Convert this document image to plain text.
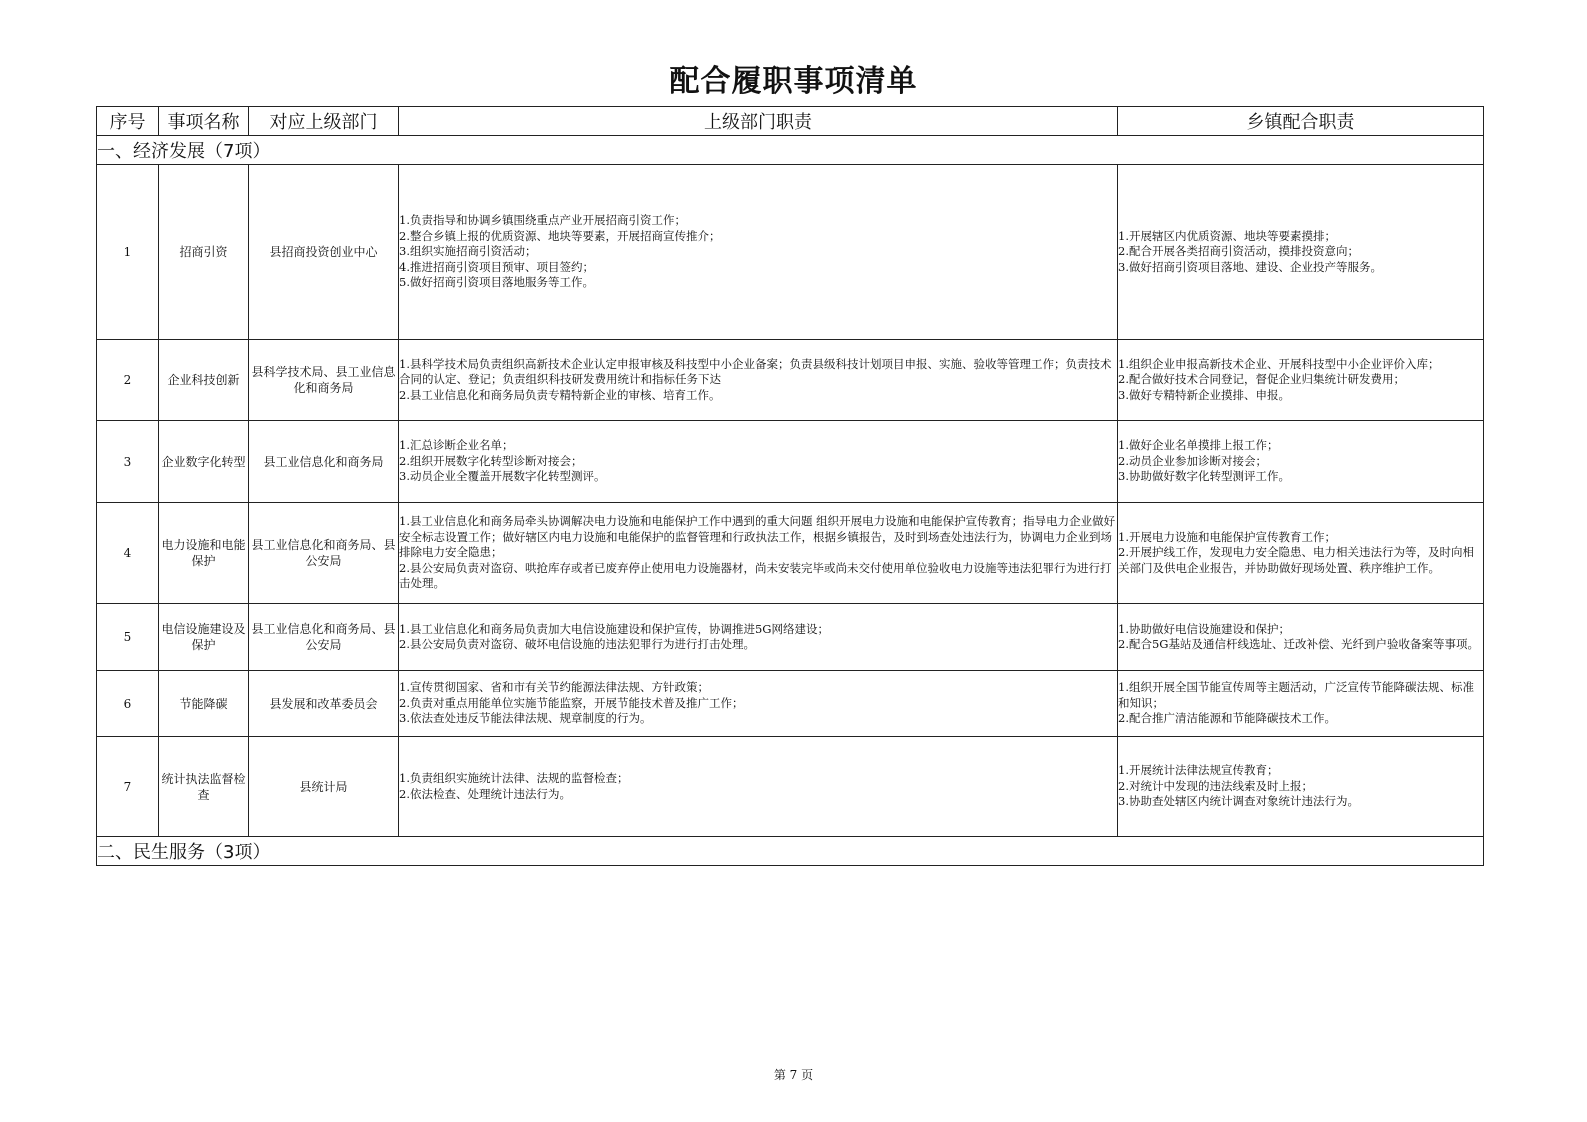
配合履职事项清单
序号	事项名称	对应上级部门	上级部门职责	乡镇配合职责
一、经济发展（7项）				
1	招商引资	县招商投资创业中心	1.负责指导和协调乡镇围绕重点产业开展招商引资工作；
2.整合乡镇上报的优质资源、地块等要素，开展招商宣传推介；
3.组织实施招商引资活动；
4.推进招商引资项目预审、项目签约；
5.做好招商引资项目落地服务等工作。	1.开展辖区内优质资源、地块等要素摸排；
2.配合开展各类招商引资活动，摸排投资意向；
3.做好招商引资项目落地、建设、企业投产等服务。

2	企业科技创新	县科学技术局、县工业信息化和商务局	1.县科学技术局负责组织高新技术企业认定申报审核及科技型中小企业备案；负责县级科技计划项目申报、实施、验收等管理工作；负责技术合同的认定、登记；负责组织科技研发费用统计和指标任务下达
2.县工业信息化和商务局负责专精特新企业的审核、培育工作。	1.组织企业申报高新技术企业、开展科技型中小企业评价入库；
2.配合做好技术合同登记，督促企业归集统计研发费用；
3.做好专精特新企业摸排、申报。

3	企业数字化转型	县工业信息化和商务局	1.汇总诊断企业名单；
2.组织开展数字化转型诊断对接会；
3.动员企业全覆盖开展数字化转型测评。	1.做好企业名单摸排上报工作；
2.动员企业参加诊断对接会；
3.协助做好数字化转型测评工作。

4	电力设施和电能保护	县工业信息化和商务局、县公安局	1.县工业信息化和商务局牵头协调解决电力设施和电能保护工作中遇到的重大问题 组织开展电力设施和电能保护宣传教育；指导电力企业做好安全标志设置工作；做好辖区内电力设施和电能保护的监督管理和行政执法工作，根据乡镇报告，及时到场查处违法行为，协调电力企业到场排除电力安全隐患；
2.县公安局负责对盗窃、哄抢库存或者已废弃停止使用电力设施器材，尚未安装完毕或尚未交付使用单位验收电力设施等违法犯罪行为进行打击处理。	1.开展电力设施和电能保护宣传教育工作；
2.开展护线工作，发现电力安全隐患、电力相关违法行为等，及时向相关部门及供电企业报告，并协助做好现场处置、秩序维护工作。

5	电信设施建设及保护	县工业信息化和商务局、县公安局	1.县工业信息化和商务局负责加大电信设施建设和保护宣传，协调推进5G网络建设；
2.县公安局负责对盗窃、破坏电信设施的违法犯罪行为进行打击处理。	1.协助做好电信设施建设和保护；
2.配合5G基站及通信杆线选址、迁改补偿、光纤到户验收备案等事项。

6	节能降碳	县发展和改革委员会	1.宣传贯彻国家、省和市有关节约能源法律法规、方针政策；
2.负责对重点用能单位实施节能监察，开展节能技术普及推广工作；
3.依法查处违反节能法律法规、规章制度的行为。	1.组织开展全国节能宣传周等主题活动，广泛宣传节能降碳法规、标准和知识；
2.配合推广清洁能源和节能降碳技术工作。

7	统计执法监督检查	县统计局	1.负责组织实施统计法律、法规的监督检查；
2.依法检查、处理统计违法行为。	1.开展统计法律法规宣传教育；
2.对统计中发现的违法线索及时上报；
3.协助查处辖区内统计调查对象统计违法行为。

二、民生服务（3项）				
第 7 页
